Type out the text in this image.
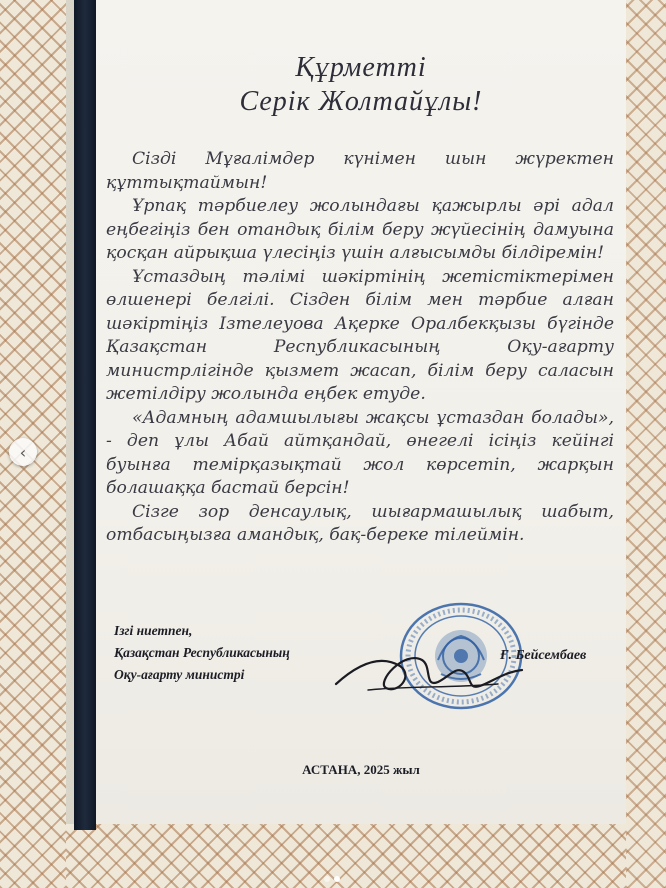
Құрметті
Серік Жолтайұлы!

Сізді Мұғалімдер күнімен шын жүректен құттықтаймын!

Ұрпақ тәрбиелеу жолындағы қажырлы әрі адал еңбегіңіз бен отандық білім беру жүйесінің дамуына қосқан айрықша үлесіңіз үшін алғысымды білдіремін!

Ұстаздың тәлімі шәкіртінің жетістіктерімен өлшенері белгілі. Сізден білім мен тәрбие алған шәкіртіңіз Ізтелеуова Ақерке Оралбекқызы бүгінде Қазақстан Республикасының Оқу-ағарту министрлігінде қызмет жасап, білім беру саласын жетілдіру жолында еңбек етуде.

«Адамның адамшылығы жақсы ұстаздан болады», - деп ұлы Абай айтқандай, өнегелі ісіңіз кейінгі буынға темірқазықтай жол көрсетіп, жарқын болашаққа бастай берсін!

Сізге зор денсаулық, шығармашылық шабыт, отбасыңызға амандық, бақ-береке тілеймін.

Ізгі ниетпен,
Қазақстан Республикасының
Оқу-ағарту министрі
Ғ. Бейсембаев
АСТАНА, 2025 жыл
‹
